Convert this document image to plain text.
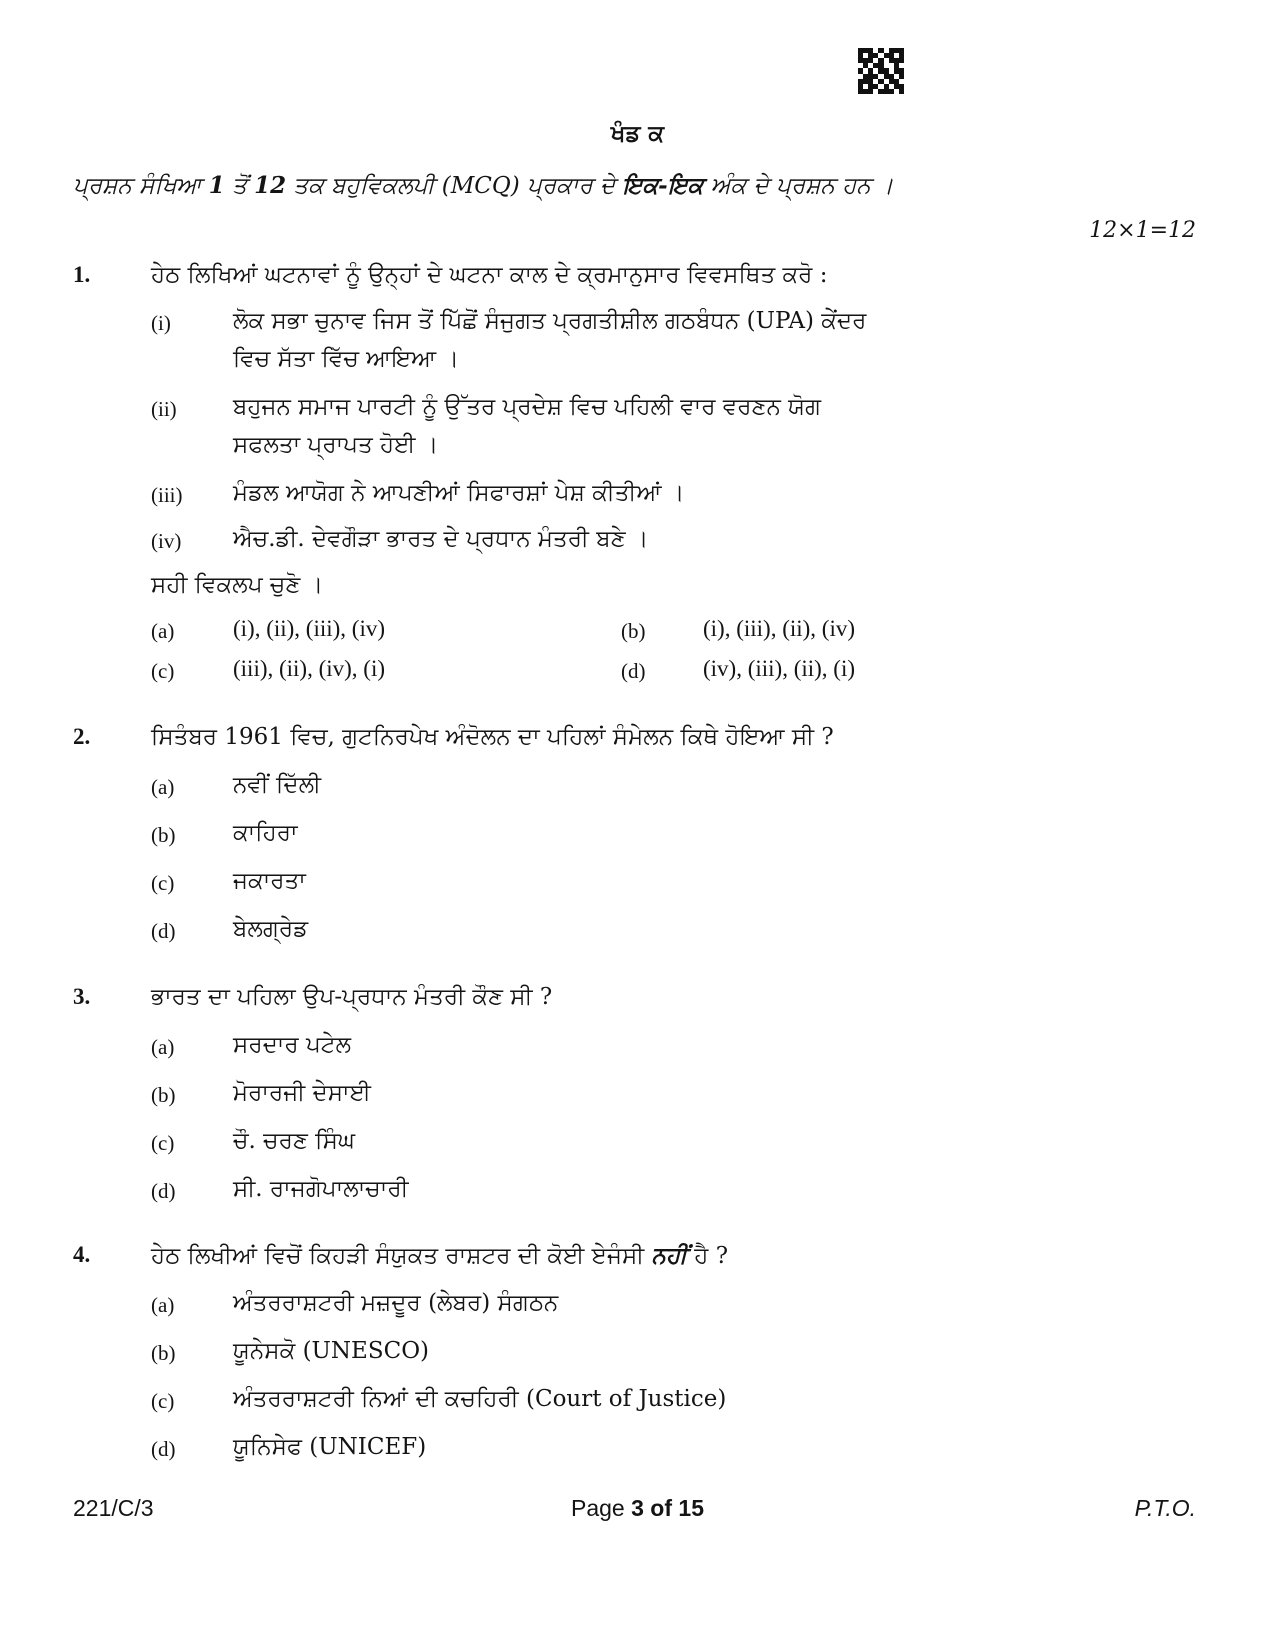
ਖੰਡ ਕ
ਪ੍ਰਸ਼ਨ ਸੰਖਿਆ 1 ਤੋਂ 12 ਤਕ ਬਹੁਵਿਕਲਪੀ (MCQ) ਪ੍ਰਕਾਰ ਦੇ ਇਕ-ਇਕ ਅੰਕ ਦੇ ਪ੍ਰਸ਼ਨ ਹਨ ।
12×1=12
1.	ਹੇਠ ਲਿਖਿਆਂ ਘਟਨਾਵਾਂ ਨੂੰ ਉਨ੍ਹਾਂ ਦੇ ਘਟਨਾ ਕਾਲ ਦੇ ਕ੍ਰਮਾਨੁਸਾਰ ਵਿਵਸਥਿਤ ਕਰੋ :
(i)	ਲੋਕ ਸਭਾ ਚੁਨਾਵ ਜਿਸ ਤੋਂ ਪਿੱਛੋਂ ਸੰਜੁਗਤ ਪ੍ਰਗਤੀਸ਼ੀਲ ਗਠਬੰਧਨ (UPA) ਕੇਂਦਰ
ਵਿਚ ਸੱਤਾ ਵਿੱਚ ਆਇਆ ।
(ii) ਬਹੁਜਨ ਸਮਾਜ ਪਾਰਟੀ ਨੂੰ ਉੱਤਰ ਪ੍ਰਦੇਸ਼ ਵਿਚ ਪਹਿਲੀ ਵਾਰ ਵਰਣਨ ਯੋਗ
ਸਫਲਤਾ ਪ੍ਰਾਪਤ ਹੋਈ ।
(iii) ਮੰਡਲ ਆਯੋਗ ਨੇ ਆਪਣੀਆਂ ਸਿਫਾਰਸ਼ਾਂ ਪੇਸ਼ ਕੀਤੀਆਂ ।
(iv) ਐਚ.ਡੀ. ਦੇਵਗੌੜਾ ਭਾਰਤ ਦੇ ਪ੍ਰਧਾਨ ਮੰਤਰੀ ਬਣੇ ।
ਸਹੀ ਵਿਕਲਪ ਚੁਣੋ ।
(a)	(i), (ii), (iii), (iv)	(b)	(i), (iii), (ii), (iv)
(c)	(iii), (ii), (iv), (i)	(d)	(iv), (iii), (ii), (i)
2.	ਸਿਤੰਬਰ 1961 ਵਿਚ, ਗੁਟਨਿਰਪੇਖ ਅੰਦੋਲਨ ਦਾ ਪਹਿਲਾਂ ਸੰਮੇਲਨ ਕਿਥੇ ਹੋਇਆ ਸੀ ?
(a)	ਨਵੀਂ ਦਿੱਲੀ
(b)	ਕਾਹਿਰਾ
(c)	ਜਕਾਰਤਾ
(d)	ਬੇਲਗ੍ਰੇਡ
3.	ਭਾਰਤ ਦਾ ਪਹਿਲਾ ਉਪ-ਪ੍ਰਧਾਨ ਮੰਤਰੀ ਕੌਣ ਸੀ ?
(a)	ਸਰਦਾਰ ਪਟੇਲ
(b)	ਮੋਰਾਰਜੀ ਦੇਸਾਈ
(c)	ਚੌ. ਚਰਣ ਸਿੰਘ
(d)	ਸੀ. ਰਾਜਗੋਪਾਲਾਚਾਰੀ
4.	ਹੇਠ ਲਿਖੀਆਂ ਵਿਚੋਂ ਕਿਹੜੀ ਸੰਯੁਕਤ ਰਾਸ਼ਟਰ ਦੀ ਕੋਈ ਏਜੰਸੀ ਨਹੀਂ ਹੈ ?
(a)	ਅੰਤਰਰਾਸ਼ਟਰੀ ਮਜ਼ਦੂਰ (ਲੇਬਰ) ਸੰਗਠਨ
(b)	ਯੂਨੇਸਕੋ (UNESCO)
(c)	ਅੰਤਰਰਾਸ਼ਟਰੀ ਨਿਆਂ ਦੀ ਕਚਹਿਰੀ (Court of Justice)
(d)	ਯੂਨਿਸੇਫ (UNICEF)
221/C/3	Page 3 of 15	P.T.O.
